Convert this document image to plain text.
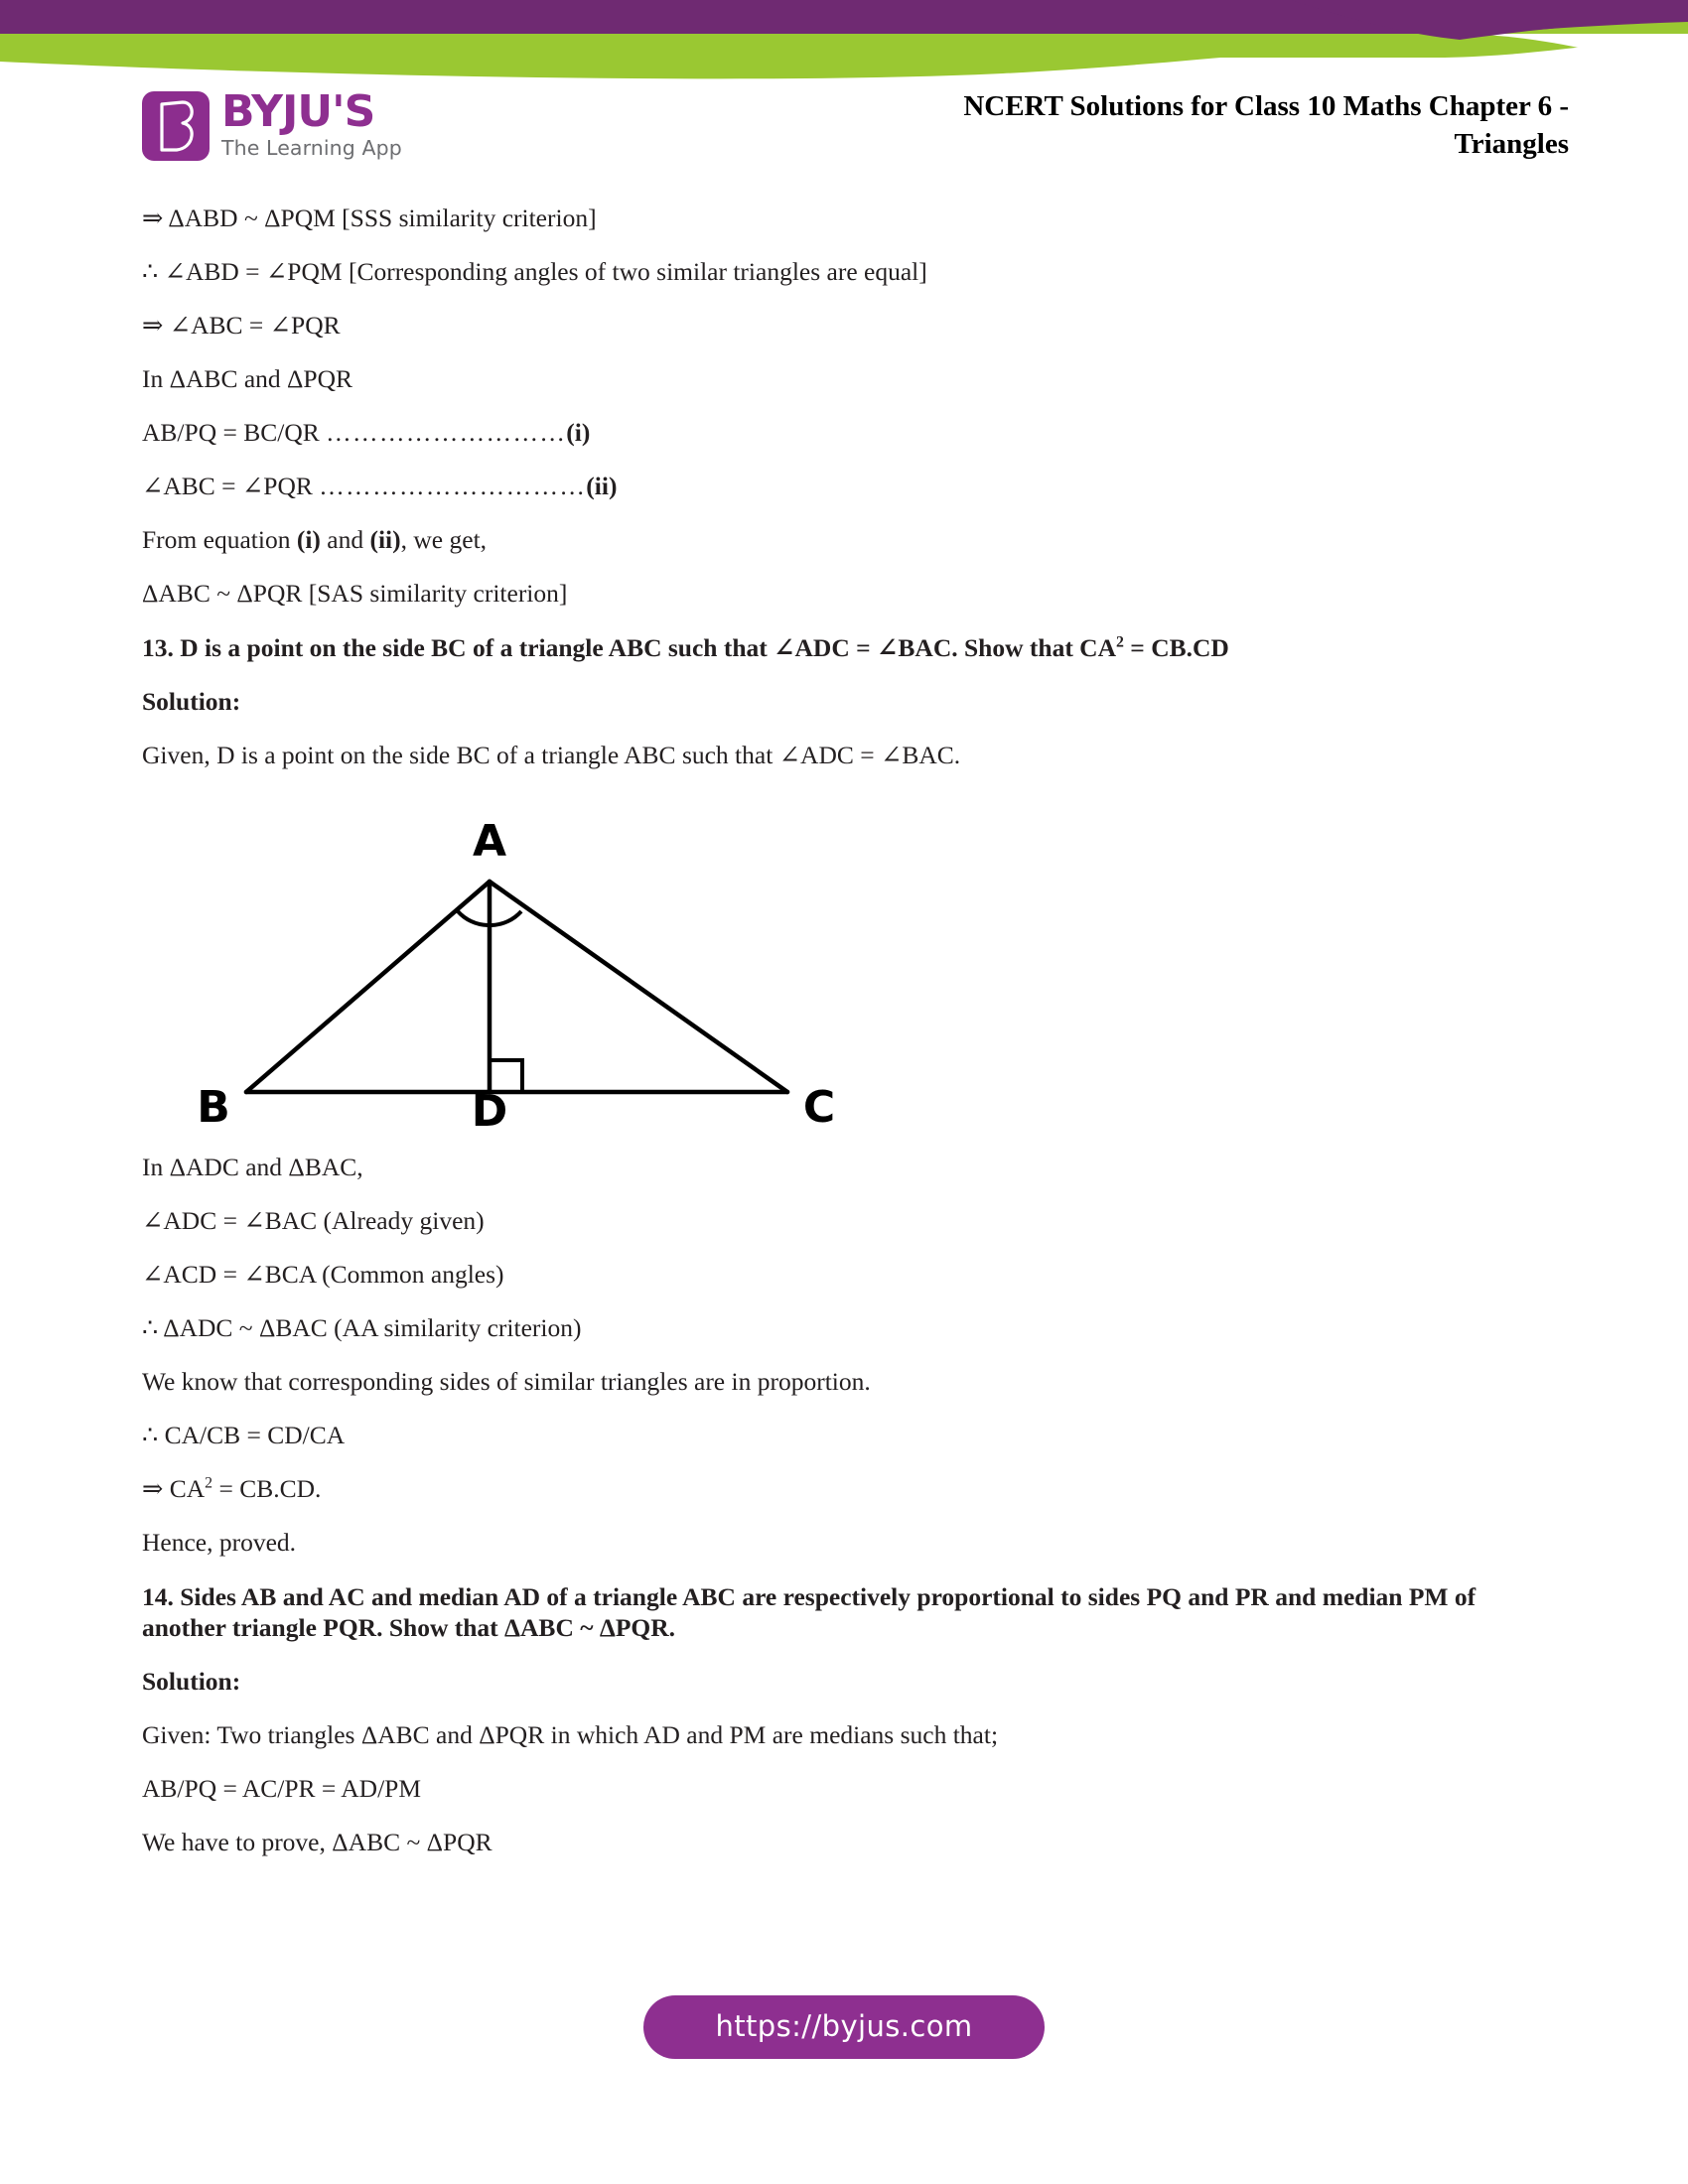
BYJU'S
The Learning App
NCERT Solutions for Class 10 Maths Chapter 6 -
Triangles

⇒ ΔABD ~ ΔPQM [SSS similarity criterion]

∴ ∠ABD = ∠PQM [Corresponding angles of two similar triangles are equal]

⇒ ∠ABC = ∠PQR

In ΔABC and ΔPQR

AB/PQ = BC/QR ………………………(i)

∠ABC = ∠PQR …………………………(ii)

From equation (i) and (ii), we get,

ΔABC ~ ΔPQR [SAS similarity criterion]

13. D is a point on the side BC of a triangle ABC such that ∠ADC = ∠BAC. Show that $CA^2 = CB.CD$

Solution:

Given, D is a point on the side BC of a triangle ABC such that ∠ADC = ∠BAC.

A
B	D	C

In ΔADC and ΔBAC,

∠ADC = ∠BAC (Already given)

∠ACD = ∠BCA (Common angles)

∴ ΔADC ~ ΔBAC (AA similarity criterion)

We know that corresponding sides of similar triangles are in proportion.

∴ CA/CB = CD/CA

⇒ $CA^2 = CB.CD$.

Hence, proved.

14. Sides AB and AC and median AD of a triangle ABC are respectively proportional to sides PQ and PR and median PM of another triangle PQR. Show that ΔABC ~ ΔPQR.

Solution:

Given: Two triangles ΔABC and ΔPQR in which AD and PM are medians such that;

AB/PQ = AC/PR = AD/PM

We have to prove, ΔABC ~ ΔPQR

https://byjus.com
